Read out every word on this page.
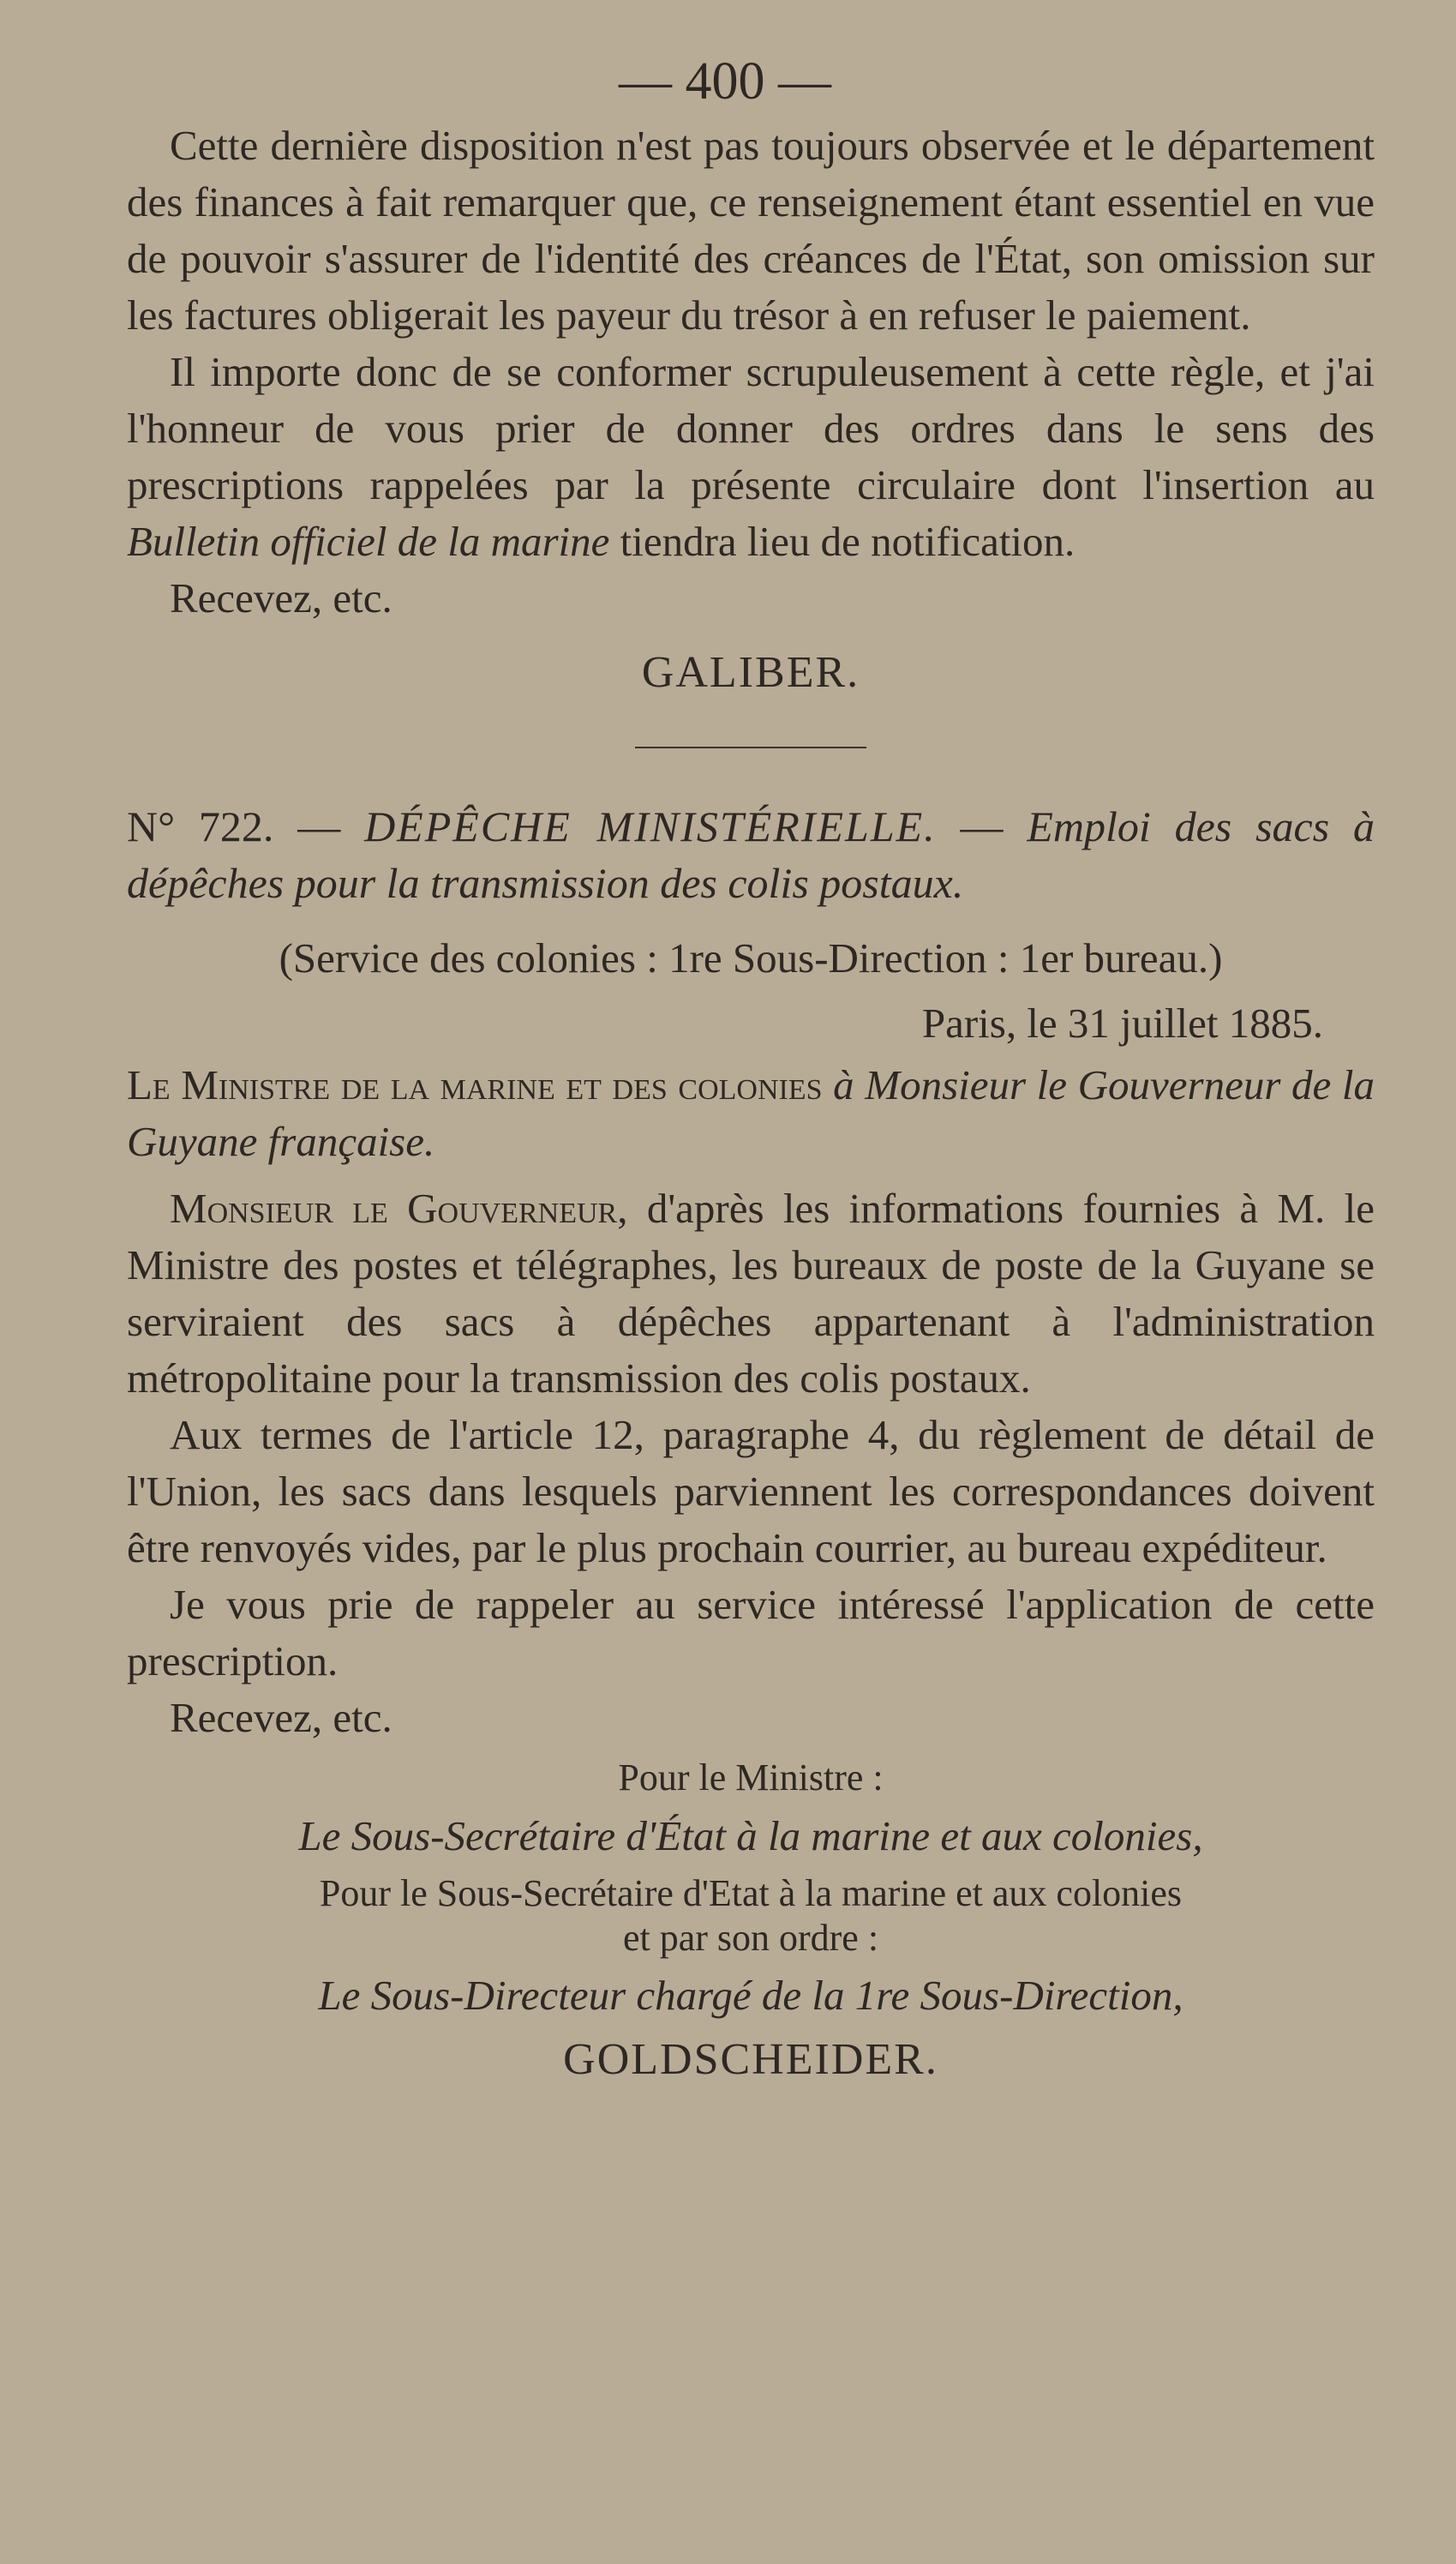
— 400 —

Cette dernière disposition n'est pas toujours observée et le département des finances à fait remarquer que, ce renseignement étant essentiel en vue de pouvoir s'assurer de l'identité des créances de l'État, son omission sur les factures obligerait les payeur du trésor à en refuser le paiement.

Il importe donc de se conformer scrupuleusement à cette règle, et j'ai l'honneur de vous prier de donner des ordres dans le sens des prescriptions rappelées par la présente circulaire dont l'insertion au Bulletin officiel de la marine tiendra lieu de notification.

Recevez, etc.

GALIBER.

N° 722. — DÉPÊCHE MINISTÉRIELLE. — Emploi des sacs à dépêches pour la transmission des colis postaux.

(Service des colonies : 1re Sous-Direction : 1er bureau.)

Paris, le 31 juillet 1885.

Le Ministre de la marine et des colonies à Monsieur le Gouverneur de la Guyane française.

Monsieur le Gouverneur, d'après les informations fournies à M. le Ministre des postes et télégraphes, les bureaux de poste de la Guyane se serviraient des sacs à dépêches appartenant à l'administration métropolitaine pour la transmission des colis postaux.

Aux termes de l'article 12, paragraphe 4, du règlement de détail de l'Union, les sacs dans lesquels parviennent les correspondances doivent être renvoyés vides, par le plus prochain courrier, au bureau expéditeur.

Je vous prie de rappeler au service intéressé l'application de cette prescription.

Recevez, etc.

Pour le Ministre :

Le Sous-Secrétaire d'État à la marine et aux colonies,

Pour le Sous-Secrétaire d'Etat à la marine et aux colonies
et par son ordre :

Le Sous-Directeur chargé de la 1re Sous-Direction,

GOLDSCHEIDER.
